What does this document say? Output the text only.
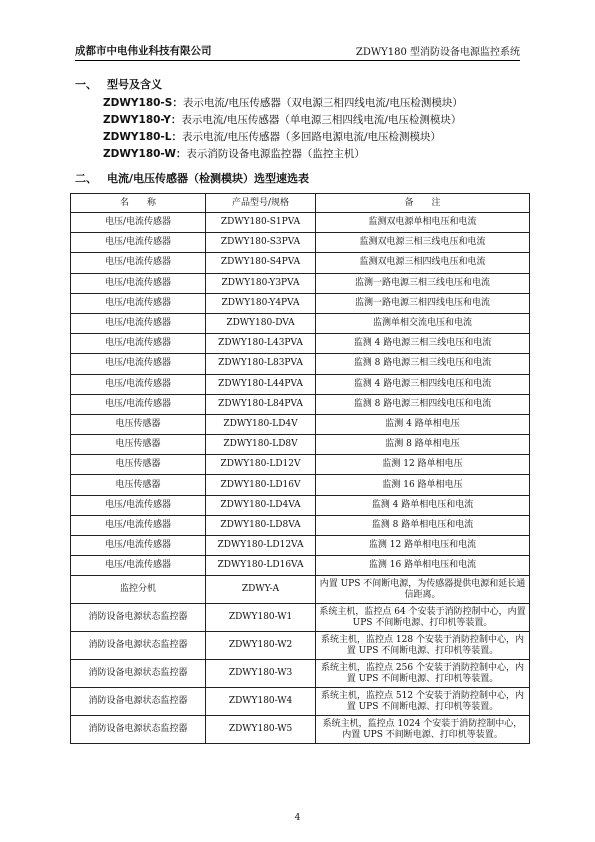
成都市中电伟业科技有限公司	ZDWY180 型消防设备电源监控系统
一、 型号及含义
ZDWY180-S：表示电流/电压传感器（双电源三相四线电流/电压检测模块）
ZDWY180-Y：表示电流/电压传感器（单电源三相四线电流/电压检测模块）
ZDWY180-L：表示电流/电压传感器（多回路电源电流/电压检测模块）
ZDWY180-W：表示消防设备电源监控器（监控主机）
二、 电流/电压传感器（检测模块）选型速选表
名　　称	产品型号/规格	备　　注
电压/电流传感器	ZDWY180-S1PVA	监测双电源单相电压和电流
电压/电流传感器	ZDWY180-S3PVA	监测双电源三相三线电压和电流
电压/电流传感器	ZDWY180-S4PVA	监测双电源三相四线电压和电流
电压/电流传感器	ZDWY180-Y3PVA	监测一路电源三相三线电压和电流
电压/电流传感器	ZDWY180-Y4PVA	监测一路电源三相四线电压和电流
电压/电流传感器	ZDWY180-DVA	监测单相交流电压和电流
电压/电流传感器	ZDWY180-L43PVA	监测 4 路电源三相三线电压和电流
电压/电流传感器	ZDWY180-L83PVA	监测 8 路电源三相三线电压和电流
电压/电流传感器	ZDWY180-L44PVA	监测 4 路电源三相四线电压和电流
电压/电流传感器	ZDWY180-L84PVA	监测 8 路电源三相四线电压和电流
电压传感器	ZDWY180-LD4V	监测 4 路单相电压
电压传感器	ZDWY180-LD8V	监测 8 路单相电压
电压传感器	ZDWY180-LD12V	监测 12 路单相电压
电压传感器	ZDWY180-LD16V	监测 16 路单相电压
电压/电流传感器	ZDWY180-LD4VA	监测 4 路单相电压和电流
电压/电流传感器	ZDWY180-LD8VA	监测 8 路单相电压和电流
电压/电流传感器	ZDWY180-LD12VA	监测 12 路单相电压和电流
电压/电流传感器	ZDWY180-LD16VA	监测 16 路单相电压和电流
监控分机	ZDWY-A	内置 UPS 不间断电源，为传感器提供电源和延长通信距离。
消防设备电源状态监控器	ZDWY180-W1	系统主机，监控点 64 个安装于消防控制中心，内置 UPS 不间断电源、打印机等装置。
消防设备电源状态监控器	ZDWY180-W2	系统主机，监控点 128 个安装于消防控制中心，内置 UPS 不间断电源、打印机等装置。
消防设备电源状态监控器	ZDWY180-W3	系统主机，监控点 256 个安装于消防控制中心，内置 UPS 不间断电源、打印机等装置。
消防设备电源状态监控器	ZDWY180-W4	系统主机，监控点 512 个安装于消防控制中心，内置 UPS 不间断电源、打印机等装置。
消防设备电源状态监控器	ZDWY180-W5	系统主机，监控点 1024 个安装于消防控制中心，内置 UPS 不间断电源、打印机等装置。
4
